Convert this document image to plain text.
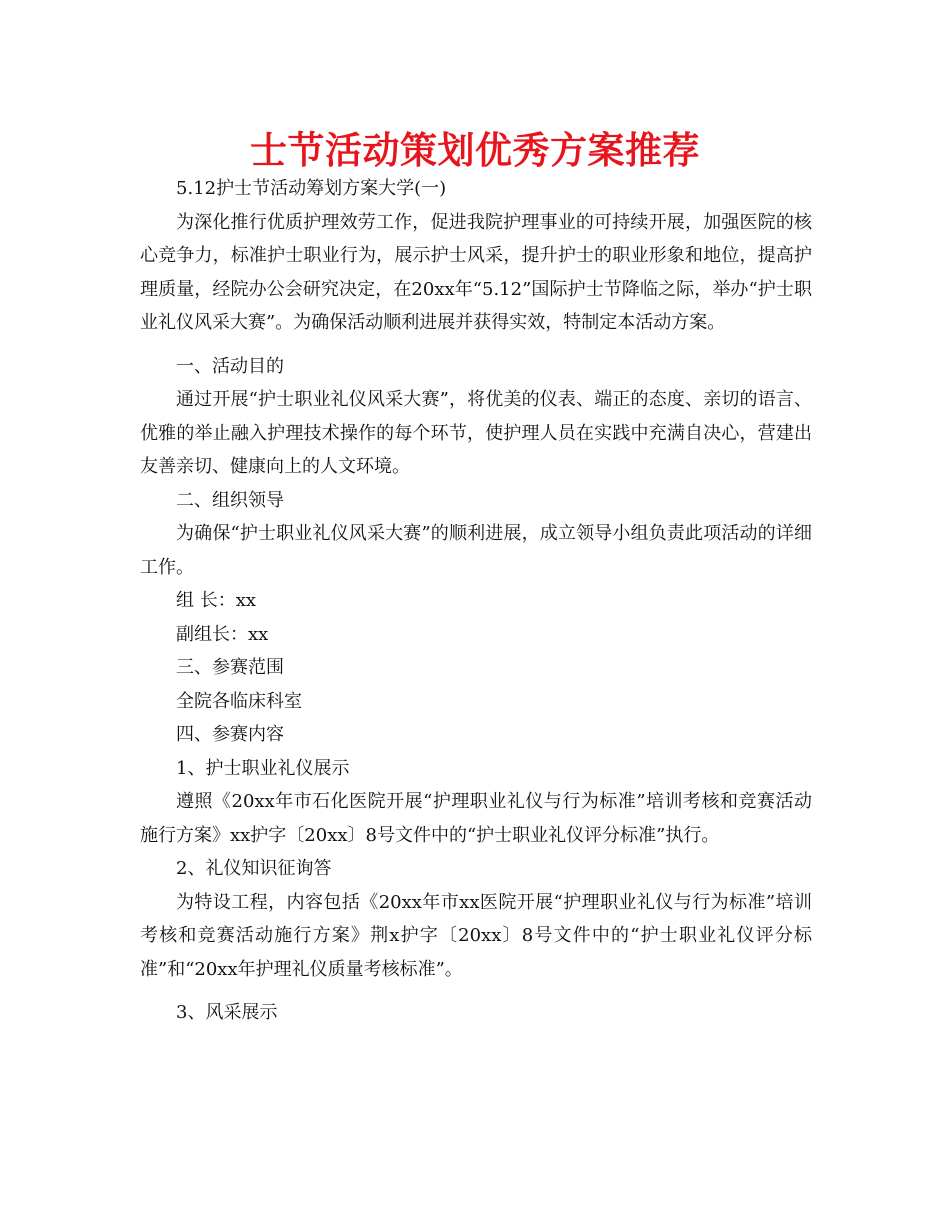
士节活动策划优秀方案推荐

5.12护士节活动筹划方案大学(一)

为深化推行优质护理效劳工作，促进我院护理事业的可持续开展，加强医院的核心竞争力，标准护士职业行为，展示护士风采，提升护士的职业形象和地位，提高护理质量，经院办公会研究决定，在20xx年“5.12”国际护士节降临之际，举办“护士职业礼仪风采大赛”。为确保活动顺利进展并获得实效，特制定本活动方案。

一、活动目的

通过开展“护士职业礼仪风采大赛”，将优美的仪表、端正的态度、亲切的语言、优雅的举止融入护理技术操作的每个环节，使护理人员在实践中充满自决心，营建出友善亲切、健康向上的人文环境。

二、组织领导

为确保“护士职业礼仪风采大赛”的顺利进展，成立领导小组负责此项活动的详细工作。

组 长：xx

副组长：xx

三、参赛范围

全院各临床科室

四、参赛内容

1、护士职业礼仪展示

遵照《20xx年市石化医院开展“护理职业礼仪与行为标准”培训考核和竞赛活动施行方案》xx护字〔20xx〕8号文件中的“护士职业礼仪评分标准”执行。

2、礼仪知识征询答

为特设工程，内容包括《20xx年市xx医院开展“护理职业礼仪与行为标准”培训考核和竞赛活动施行方案》荆x护字〔20xx〕8号文件中的“护士职业礼仪评分标准”和“20xx年护理礼仪质量考核标准”。

3、风采展示
